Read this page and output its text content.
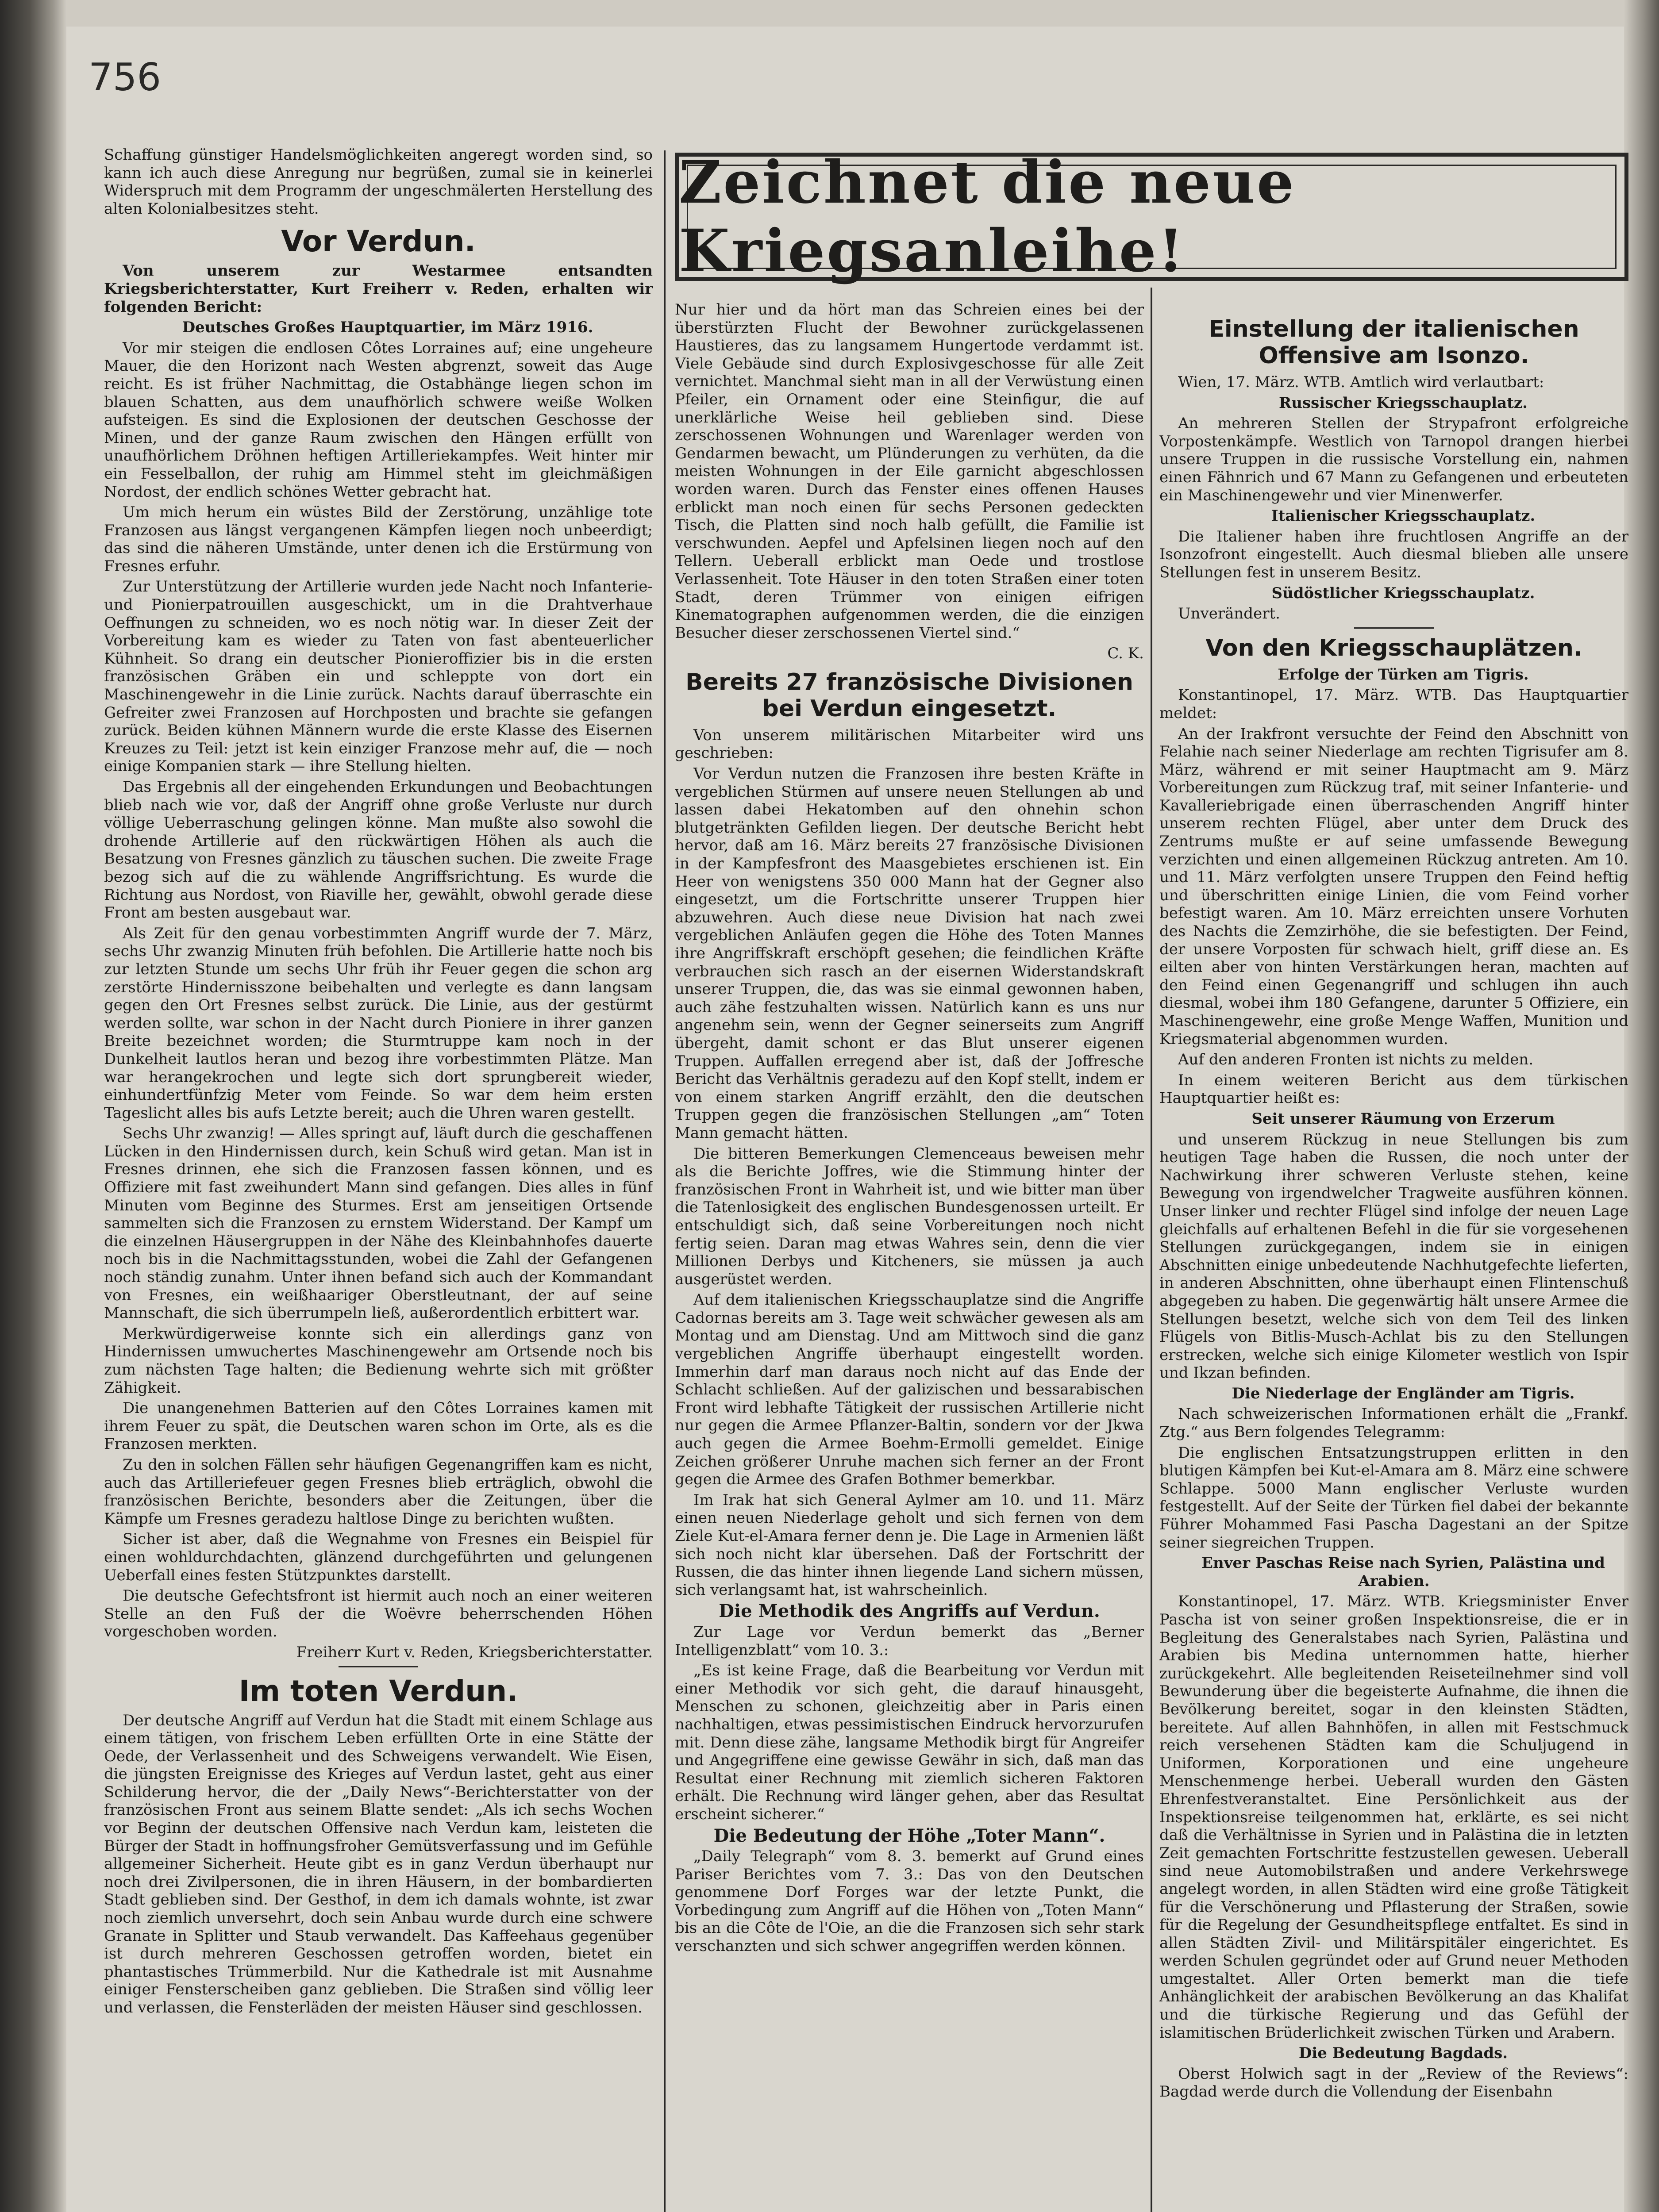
756
Zeichnet die neue Kriegsanleihe!

Schaffung günstiger Handelsmöglichkeiten angeregt worden sind, so kann ich auch diese Anregung nur begrüßen, zumal sie in keinerlei Widerspruch mit dem Programm der ungeschmälerten Herstellung des alten Kolonialbesitzes steht.

Vor Verdun.

Von unserem zur Westarmee entsandten Kriegsberichterstatter, Kurt Freiherr v. Reden, erhalten wir folgenden Bericht:

Deutsches Großes Hauptquartier, im März 1916.

Vor mir steigen die endlosen Côtes Lorraines auf; eine ungeheure Mauer, die den Horizont nach Westen abgrenzt, soweit das Auge reicht. Es ist früher Nachmittag, die Ostabhänge liegen schon im blauen Schatten, aus dem unaufhörlich schwere weiße Wolken aufsteigen. Es sind die Explosionen der deutschen Geschosse der Minen, und der ganze Raum zwischen den Hängen erfüllt von unaufhörlichem Dröhnen heftigen Artilleriekampfes. Weit hinter mir ein Fesselballon, der ruhig am Himmel steht im gleichmäßigen Nordost, der endlich schönes Wetter gebracht hat.

Um mich herum ein wüstes Bild der Zerstörung, unzählige tote Franzosen aus längst vergangenen Kämpfen liegen noch unbeerdigt; das sind die näheren Umstände, unter denen ich die Erstürmung von Fresnes erfuhr.

Zur Unterstützung der Artillerie wurden jede Nacht noch Infanterie- und Pionierpatrouillen ausgeschickt, um in die Drahtverhaue Oeffnungen zu schneiden, wo es noch nötig war. In dieser Zeit der Vorbereitung kam es wieder zu Taten von fast abenteuerlicher Kühnheit. So drang ein deutscher Pionieroffizier bis in die ersten französischen Gräben ein und schleppte von dort ein Maschinengewehr in die Linie zurück. Nachts darauf überraschte ein Gefreiter zwei Franzosen auf Horchposten und brachte sie gefangen zurück. Beiden kühnen Männern wurde die erste Klasse des Eisernen Kreuzes zu Teil: jetzt ist kein einziger Franzose mehr auf, die — noch einige Kompanien stark — ihre Stellung hielten.

Das Ergebnis all der eingehenden Erkundungen und Beobachtungen blieb nach wie vor, daß der Angriff ohne große Verluste nur durch völlige Ueberraschung gelingen könne. Man mußte also sowohl die drohende Artillerie auf den rückwärtigen Höhen als auch die Besatzung von Fresnes gänzlich zu täuschen suchen. Die zweite Frage bezog sich auf die zu wählende Angriffsrichtung. Es wurde die Richtung aus Nordost, von Riaville her, gewählt, obwohl gerade diese Front am besten ausgebaut war.

Als Zeit für den genau vorbestimmten Angriff wurde der 7. März, sechs Uhr zwanzig Minuten früh befohlen. Die Artillerie hatte noch bis zur letzten Stunde um sechs Uhr früh ihr Feuer gegen die schon arg zerstörte Hindernisszone beibehalten und verlegte es dann langsam gegen den Ort Fresnes selbst zurück. Die Linie, aus der gestürmt werden sollte, war schon in der Nacht durch Pioniere in ihrer ganzen Breite bezeichnet worden; die Sturmtruppe kam noch in der Dunkelheit lautlos heran und bezog ihre vorbestimmten Plätze. Man war herangekrochen und legte sich dort sprungbereit wieder, einhundertfünfzig Meter vom Feinde. So war dem heim ersten Tageslicht alles bis aufs Letzte bereit; auch die Uhren waren gestellt.

Sechs Uhr zwanzig! — Alles springt auf, läuft durch die geschaffenen Lücken in den Hindernissen durch, kein Schuß wird getan. Man ist in Fresnes drinnen, ehe sich die Franzosen fassen können, und es Offiziere mit fast zweihundert Mann sind gefangen. Dies alles in fünf Minuten vom Beginne des Sturmes. Erst am jenseitigen Ortsende sammelten sich die Franzosen zu ernstem Widerstand. Der Kampf um die einzelnen Häusergruppen in der Nähe des Kleinbahnhofes dauerte noch bis in die Nachmittagsstunden, wobei die Zahl der Gefangenen noch ständig zunahm. Unter ihnen befand sich auch der Kommandant von Fresnes, ein weißhaariger Oberstleutnant, der auf seine Mannschaft, die sich überrumpeln ließ, außerordentlich erbittert war.

Merkwürdigerweise konnte sich ein allerdings ganz von Hindernissen umwuchertes Maschinengewehr am Ortsende noch bis zum nächsten Tage halten; die Bedienung wehrte sich mit größter Zähigkeit.

Die unangenehmen Batterien auf den Côtes Lorraines kamen mit ihrem Feuer zu spät, die Deutschen waren schon im Orte, als es die Franzosen merkten.

Zu den in solchen Fällen sehr häufigen Gegenangriffen kam es nicht, auch das Artilleriefeuer gegen Fresnes blieb erträglich, obwohl die französischen Berichte, besonders aber die Zeitungen, über die Kämpfe um Fresnes geradezu haltlose Dinge zu berichten wußten.

Sicher ist aber, daß die Wegnahme von Fresnes ein Beispiel für einen wohldurchdachten, glänzend durchgeführten und gelungenen Ueberfall eines festen Stützpunktes darstellt.

Die deutsche Gefechtsfront ist hiermit auch noch an einer weiteren Stelle an den Fuß der die Woëvre beherrschenden Höhen vorgeschoben worden.

Freiherr Kurt v. Reden, Kriegsberichterstatter.

Im toten Verdun.

Der deutsche Angriff auf Verdun hat die Stadt mit einem Schlage aus einem tätigen, von frischem Leben erfüllten Orte in eine Stätte der Oede, der Verlassenheit und des Schweigens verwandelt. Wie Eisen, die jüngsten Ereignisse des Krieges auf Verdun lastet, geht aus einer Schilderung hervor, die der „Daily News“-Berichterstatter von der französischen Front aus seinem Blatte sendet: „Als ich sechs Wochen vor Beginn der deutschen Offensive nach Verdun kam, leisteten die Bürger der Stadt in hoffnungsfroher Gemütsverfassung und im Gefühle allgemeiner Sicherheit. Heute gibt es in ganz Verdun überhaupt nur noch drei Zivilpersonen, die in ihren Häusern, in der bombardierten Stadt geblieben sind. Der Gesthof, in dem ich damals wohnte, ist zwar noch ziemlich unversehrt, doch sein Anbau wurde durch eine schwere Granate in Splitter und Staub verwandelt. Das Kaffeehaus gegenüber ist durch mehreren Geschossen getroffen worden, bietet ein phantastisches Trümmerbild. Nur die Kathedrale ist mit Ausnahme einiger Fensterscheiben ganz geblieben. Die Straßen sind völlig leer und verlassen, die Fensterläden der meisten Häuser sind geschlossen.

Nur hier und da hört man das Schreien eines bei der überstürzten Flucht der Bewohner zurückgelassenen Haustieres, das zu langsamem Hungertode verdammt ist. Viele Gebäude sind durch Explosivgeschosse für alle Zeit vernichtet. Manchmal sieht man in all der Verwüstung einen Pfeiler, ein Ornament oder eine Steinfigur, die auf unerklärliche Weise heil geblieben sind. Diese zerschossenen Wohnungen und Warenlager werden von Gendarmen bewacht, um Plünderungen zu verhüten, da die meisten Wohnungen in der Eile garnicht abgeschlossen worden waren. Durch das Fenster eines offenen Hauses erblickt man noch einen für sechs Personen gedeckten Tisch, die Platten sind noch halb gefüllt, die Familie ist verschwunden. Aepfel und Apfelsinen liegen noch auf den Tellern. Ueberall erblickt man Oede und trostlose Verlassenheit. Tote Häuser in den toten Straßen einer toten Stadt, deren Trümmer von einigen eifrigen Kinematographen aufgenommen werden, die die einzigen Besucher dieser zerschossenen Viertel sind.“

C. K.

Bereits 27 französische Divisionen bei Verdun eingesetzt.

Von unserem militärischen Mitarbeiter wird uns geschrieben:

Vor Verdun nutzen die Franzosen ihre besten Kräfte in vergeblichen Stürmen auf unsere neuen Stellungen ab und lassen dabei Hekatomben auf den ohnehin schon blutgetränkten Gefilden liegen. Der deutsche Bericht hebt hervor, daß am 16. März bereits 27 französische Divisionen in der Kampfesfront des Maasgebietes erschienen ist. Ein Heer von wenigstens 350 000 Mann hat der Gegner also eingesetzt, um die Fortschritte unserer Truppen hier abzuwehren. Auch diese neue Division hat nach zwei vergeblichen Anläufen gegen die Höhe des Toten Mannes ihre Angriffskraft erschöpft gesehen; die feindlichen Kräfte verbrauchen sich rasch an der eisernen Widerstandskraft unserer Truppen, die, das was sie einmal gewonnen haben, auch zähe festzuhalten wissen. Natürlich kann es uns nur angenehm sein, wenn der Gegner seinerseits zum Angriff übergeht, damit schont er das Blut unserer eigenen Truppen. Auffallen erregend aber ist, daß der Joffresche Bericht das Verhältnis geradezu auf den Kopf stellt, indem er von einem starken Angriff erzählt, den die deutschen Truppen gegen die französischen Stellungen „am“ Toten Mann gemacht hätten.

Die bitteren Bemerkungen Clemenceaus beweisen mehr als die Berichte Joffres, wie die Stimmung hinter der französischen Front in Wahrheit ist, und wie bitter man über die Tatenlosigkeit des englischen Bundesgenossen urteilt. Er entschuldigt sich, daß seine Vorbereitungen noch nicht fertig seien. Daran mag etwas Wahres sein, denn die vier Millionen Derbys und Kitcheners, sie müssen ja auch ausgerüstet werden.

Auf dem italienischen Kriegsschauplatze sind die Angriffe Cadornas bereits am 3. Tage weit schwächer gewesen als am Montag und am Dienstag. Und am Mittwoch sind die ganz vergeblichen Angriffe überhaupt eingestellt worden. Immerhin darf man daraus noch nicht auf das Ende der Schlacht schließen. Auf der galizischen und bessarabischen Front wird lebhafte Tätigkeit der russischen Artillerie nicht nur gegen die Armee Pflanzer-Baltin, sondern vor der Jkwa auch gegen die Armee Boehm-Ermolli gemeldet. Einige Zeichen größerer Unruhe machen sich ferner an der Front gegen die Armee des Grafen Bothmer bemerkbar.

Im Irak hat sich General Aylmer am 10. und 11. März einen neuen Niederlage geholt und sich fernen von dem Ziele Kut-el-Amara ferner denn je. Die Lage in Armenien läßt sich noch nicht klar übersehen. Daß der Fortschritt der Russen, die das hinter ihnen liegende Land sichern müssen, sich verlangsamt hat, ist wahrscheinlich.

Die Methodik des Angriffs auf Verdun.

Zur Lage vor Verdun bemerkt das „Berner Intelligenzblatt“ vom 10. 3.:

„Es ist keine Frage, daß die Bearbeitung vor Verdun mit einer Methodik vor sich geht, die darauf hinausgeht, Menschen zu schonen, gleichzeitig aber in Paris einen nachhaltigen, etwas pessimistischen Eindruck hervorzurufen mit. Denn diese zähe, langsame Methodik birgt für Angreifer und Angegriffene eine gewisse Gewähr in sich, daß man das Resultat einer Rechnung mit ziemlich sicheren Faktoren erhält. Die Rechnung wird länger gehen, aber das Resultat erscheint sicherer.“

Die Bedeutung der Höhe „Toter Mann“.

„Daily Telegraph“ vom 8. 3. bemerkt auf Grund eines Pariser Berichtes vom 7. 3.: Das von den Deutschen genommene Dorf Forges war der letzte Punkt, die Vorbedingung zum Angriff auf die Höhen von „Toten Mann“ bis an die Côte de l'Oie, an die die Franzosen sich sehr stark verschanzten und sich schwer angegriffen werden können.

Einstellung der italienischen Offensive am Isonzo.

Wien, 17. März. WTB. Amtlich wird verlautbart:

Russischer Kriegsschauplatz.

An mehreren Stellen der Strypafront erfolgreiche Vorpostenkämpfe. Westlich von Tarnopol drangen hierbei unsere Truppen in die russische Vorstellung ein, nahmen einen Fähnrich und 67 Mann zu Gefangenen und erbeuteten ein Maschinengewehr und vier Minenwerfer.

Italienischer Kriegsschauplatz.

Die Italiener haben ihre fruchtlosen Angriffe an der Isonzofront eingestellt. Auch diesmal blieben alle unsere Stellungen fest in unserem Besitz.

Südöstlicher Kriegsschauplatz.

Unverändert.

Von den Kriegsschauplätzen.

Erfolge der Türken am Tigris.

Konstantinopel, 17. März. WTB. Das Hauptquartier meldet:

An der Irakfront versuchte der Feind den Abschnitt von Felahie nach seiner Niederlage am rechten Tigrisufer am 8. März, während er mit seiner Hauptmacht am 9. März Vorbereitungen zum Rückzug traf, mit seiner Infanterie- und Kavalleriebrigade einen überraschenden Angriff hinter unserem rechten Flügel, aber unter dem Druck des Zentrums mußte er auf seine umfassende Bewegung verzichten und einen allgemeinen Rückzug antreten. Am 10. und 11. März verfolgten unsere Truppen den Feind heftig und überschritten einige Linien, die vom Feind vorher befestigt waren. Am 10. März erreichten unsere Vorhuten des Nachts die Zemzirhöhe, die sie befestigten. Der Feind, der unsere Vorposten für schwach hielt, griff diese an. Es eilten aber von hinten Verstärkungen heran, machten auf den Feind einen Gegenangriff und schlugen ihn auch diesmal, wobei ihm 180 Gefangene, darunter 5 Offiziere, ein Maschinengewehr, eine große Menge Waffen, Munition und Kriegsmaterial abgenommen wurden.

Auf den anderen Fronten ist nichts zu melden.

In einem weiteren Bericht aus dem türkischen Hauptquartier heißt es:

Seit unserer Räumung von Erzerum

und unserem Rückzug in neue Stellungen bis zum heutigen Tage haben die Russen, die noch unter der Nachwirkung ihrer schweren Verluste stehen, keine Bewegung von irgendwelcher Tragweite ausführen können. Unser linker und rechter Flügel sind infolge der neuen Lage gleichfalls auf erhaltenen Befehl in die für sie vorgesehenen Stellungen zurückgegangen, indem sie in einigen Abschnitten einige unbedeutende Nachhutgefechte lieferten, in anderen Abschnitten, ohne überhaupt einen Flintenschuß abgegeben zu haben. Die gegenwärtig hält unsere Armee die Stellungen besetzt, welche sich von dem Teil des linken Flügels von Bitlis-Musch-Achlat bis zu den Stellungen erstrecken, welche sich einige Kilometer westlich von Ispir und Ikzan befinden.

Die Niederlage der Engländer am Tigris.

Nach schweizerischen Informationen erhält die „Frankf. Ztg.“ aus Bern folgendes Telegramm:

Die englischen Entsatzungstruppen erlitten in den blutigen Kämpfen bei Kut-el-Amara am 8. März eine schwere Schlappe. 5000 Mann englischer Verluste wurden festgestellt. Auf der Seite der Türken fiel dabei der bekannte Führer Mohammed Fasi Pascha Dagestani an der Spitze seiner siegreichen Truppen.

Enver Paschas Reise nach Syrien, Palästina und Arabien.

Konstantinopel, 17. März. WTB. Kriegsminister Enver Pascha ist von seiner großen Inspektionsreise, die er in Begleitung des Generalstabes nach Syrien, Palästina und Arabien bis Medina unternommen hatte, hierher zurückgekehrt. Alle begleitenden Reiseteilnehmer sind voll Bewunderung über die begeisterte Aufnahme, die ihnen die Bevölkerung bereitet, sogar in den kleinsten Städten, bereitete. Auf allen Bahnhöfen, in allen mit Festschmuck reich versehenen Städten kam die Schuljugend in Uniformen, Korporationen und eine ungeheure Menschenmenge herbei. Ueberall wurden den Gästen Ehrenfestveranstaltet. Eine Persönlichkeit aus der Inspektionsreise teilgenommen hat, erklärte, es sei nicht daß die Verhältnisse in Syrien und in Palästina die in letzten Zeit gemachten Fortschritte festzustellen gewesen. Ueberall sind neue Automobilstraßen und andere Verkehrswege angelegt worden, in allen Städten wird eine große Tätigkeit für die Verschönerung und Pflasterung der Straßen, sowie für die Regelung der Gesundheitspflege entfaltet. Es sind in allen Städten Zivil- und Militärspitäler eingerichtet. Es werden Schulen gegründet oder auf Grund neuer Methoden umgestaltet. Aller Orten bemerkt man die tiefe Anhänglichkeit der arabischen Bevölkerung an das Khalifat und die türkische Regierung und das Gefühl der islamitischen Brüderlichkeit zwischen Türken und Arabern.

Die Bedeutung Bagdads.

Oberst Holwich sagt in der „Review of the Reviews“: Bagdad werde durch die Vollendung der Eisenbahn
